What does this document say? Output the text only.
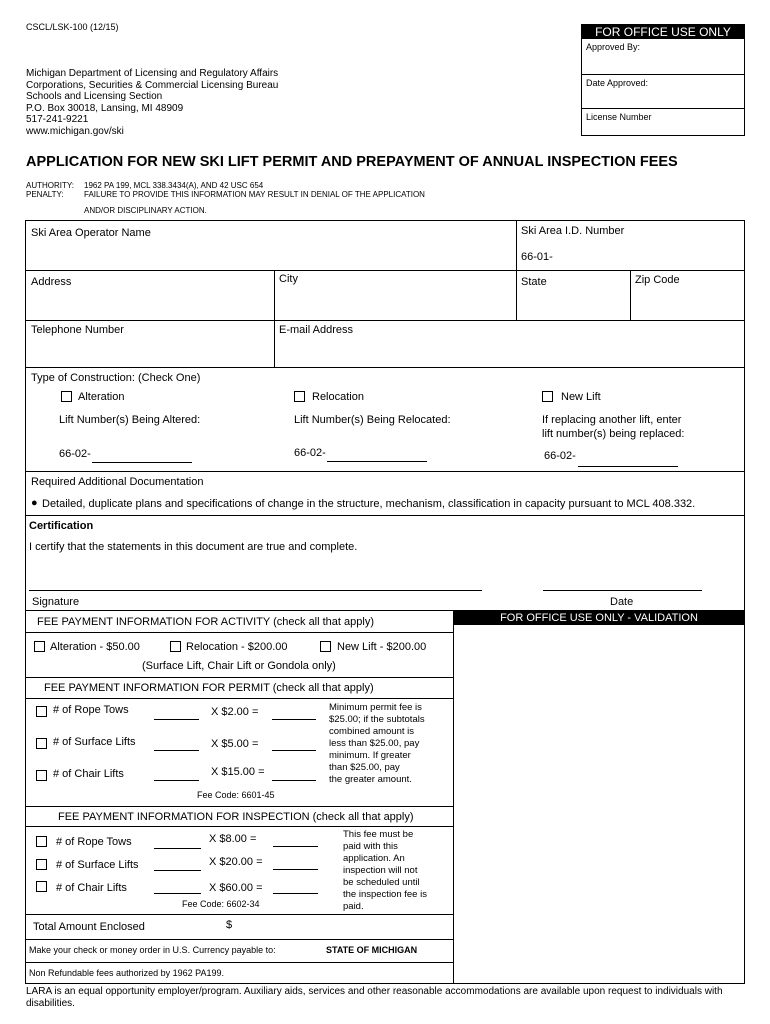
CSCL/LSK-100 (12/15)
Michigan Department of Licensing and Regulatory Affairs
Corporations, Securities & Commercial Licensing Bureau
Schools and Licensing Section
P.O. Box 30018, Lansing, MI 48909
517-241-9221
www.michigan.gov/ski
FOR OFFICE USE ONLY
Approved By:
Date Approved:
License Number
APPLICATION FOR NEW SKI LIFT PERMIT AND PREPAYMENT OF ANNUAL INSPECTION FEES
AUTHORITY: 1962 PA 199, MCL 338.3434(A), AND 42 USC 654
PENALTY:	FAILURE TO PROVIDE THIS INFORMATION MAY RESULT IN DENIAL OF THE APPLICATION
AND/OR DISCIPLINARY ACTION.
Ski Area Operator Name	Ski Area I.D. Number
66-01-
Address	City	State	Zip Code
Telephone Number	E-mail Address
Type of Construction: (Check One)
Alteration	Relocation	New Lift
Lift Number(s) Being Altered:	Lift Number(s) Being Relocated:	If replacing another lift, enter
lift number(s) being replaced:
66-02-	66-02-	66-02-
Required Additional Documentation
● Detailed, duplicate plans and specifications of change in the structure, mechanism, classification in capacity pursuant to MCL 408.332.
Certification
I certify that the statements in this document are true and complete.
Signature	Date
FOR OFFICE USE ONLY - VALIDATION
FEE PAYMENT INFORMATION FOR ACTIVITY (check all that apply)
Alteration - $50.00	Relocation - $200.00	New Lift - $200.00
(Surface Lift, Chair Lift or Gondola only)
FEE PAYMENT INFORMATION FOR PERMIT (check all that apply)
# of Rope Tows	X $2.00 =
# of Surface Lifts	X $5.00 =
# of Chair Lifts	X $15.00 =
Minimum permit fee is
$25.00; if the subtotals
combined amount is
less than $25.00, pay
minimum. If greater
than $25.00, pay
the greater amount.
Fee Code: 6601-45
FEE PAYMENT INFORMATION FOR INSPECTION (check all that apply)
# of Rope Tows	X $8.00 =
# of Surface Lifts	X $20.00 =
# of Chair Lifts	X $60.00 =
This fee must be
paid with this
application. An
inspection will not
be scheduled until
the inspection fee is
paid.
Fee Code: 6602-34
Total Amount Enclosed	$
Make your check or money order in U.S. Currency payable to:	STATE OF MICHIGAN
Non Refundable fees authorized by 1962 PA199.
LARA is an equal opportunity employer/program. Auxiliary aids, services and other reasonable accommodations are available upon request to individuals with disabilities.
